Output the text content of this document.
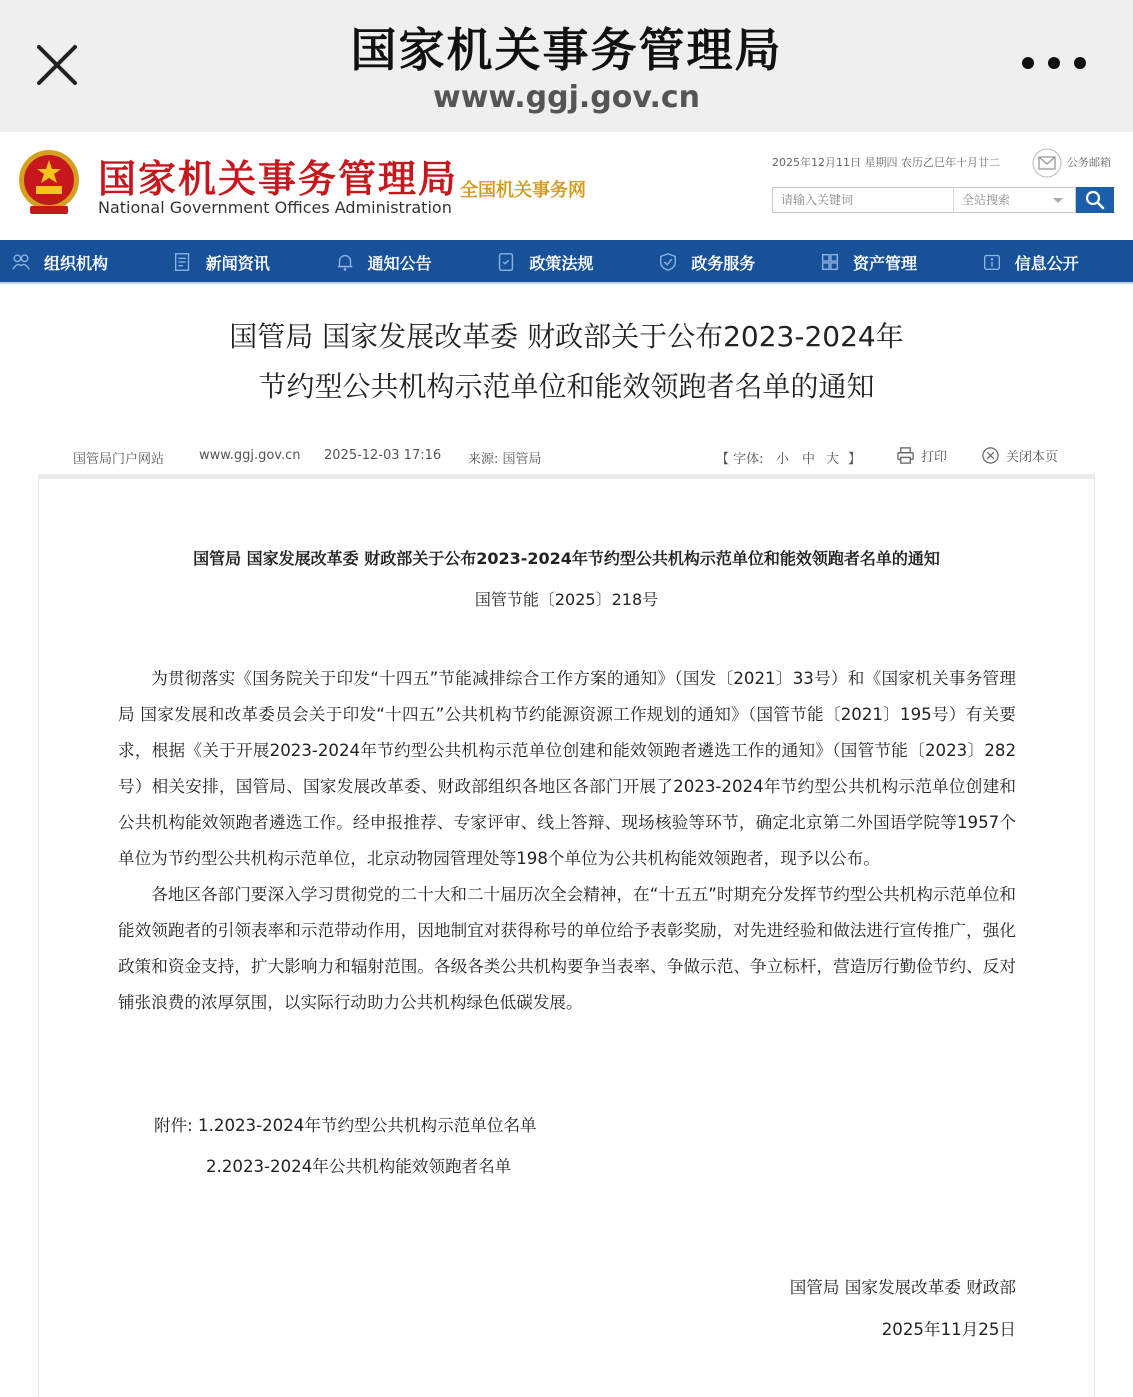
国家机关事务管理局
www.ggj.gov.cn
国家机关事务管理局
National Government Offices Administration
全国机关事务网
2025年12月11日 星期四 农历乙巳年十月廿二	公务邮箱
请输入关键词
全站搜索
组织机构	新闻资讯	通知公告	政策法规	政务服务	资产管理	信息公开
国管局 国家发展改革委 财政部关于公布2023-2024年
节约型公共机构示范单位和能效领跑者名单的通知
国管局门户网站	www.ggj.gov.cn 2025-12-03 17:16 来源: 国管局	【 字体: 小 中 大 】	打印	关闭本页
国管局 国家发展改革委 财政部关于公布2023-2024年节约型公共机构示范单位和能效领跑者名单的通知
国管节能〔2025〕218号

为贯彻落实《国务院关于印发“十四五”节能减排综合工作方案的通知》（国发〔2021〕33号）和《国家机关事务管理局 国家发展和改革委员会关于印发“十四五”公共机构节约能源资源工作规划的通知》（国管节能〔2021〕195号）有关要求，根据《关于开展2023-2024年节约型公共机构示范单位创建和能效领跑者遴选工作的通知》（国管节能〔2023〕282号）相关安排，国管局、国家发展改革委、财政部组织各地区各部门开展了2023-2024年节约型公共机构示范单位创建和公共机构能效领跑者遴选工作。经申报推荐、专家评审、线上答辩、现场核验等环节，确定北京第二外国语学院等1957个单位为节约型公共机构示范单位，北京动物园管理处等198个单位为公共机构能效领跑者，现予以公布。

各地区各部门要深入学习贯彻党的二十大和二十届历次全会精神，在“十五五”时期充分发挥节约型公共机构示范单位和能效领跑者的引领表率和示范带动作用，因地制宜对获得称号的单位给予表彰奖励，对先进经验和做法进行宣传推广，强化政策和资金支持，扩大影响力和辐射范围。各级各类公共机构要争当表率、争做示范、争立标杆，营造厉行勤俭节约、反对铺张浪费的浓厚氛围，以实际行动助力公共机构绿色低碳发展。

附件: 1.2023-2024年节约型公共机构示范单位名单
2.2023-2024年公共机构能效领跑者名单
国管局 国家发展改革委 财政部
2025年11月25日
